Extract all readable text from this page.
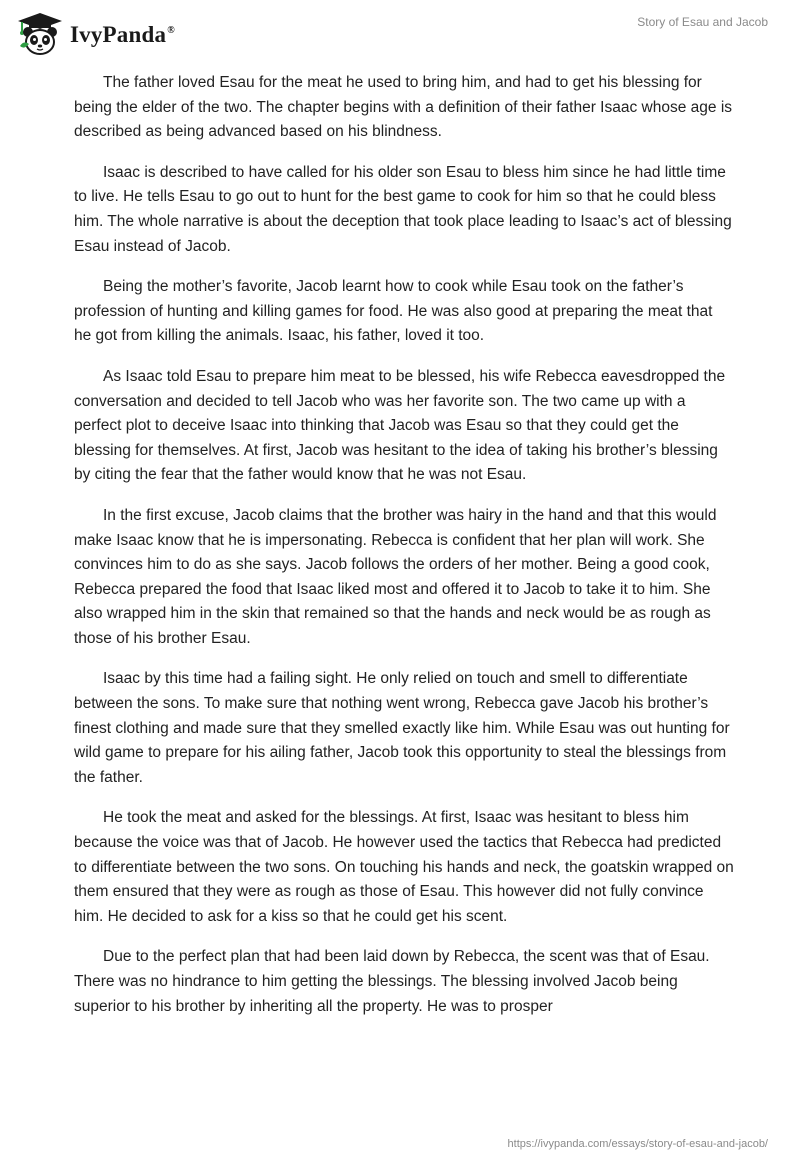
IvyPanda®
Story of Esau and Jacob

The father loved Esau for the meat he used to bring him, and had to get his blessing for being the elder of the two. The chapter begins with a definition of their father Isaac whose age is described as being advanced based on his blindness.

Isaac is described to have called for his older son Esau to bless him since he had little time to live. He tells Esau to go out to hunt for the best game to cook for him so that he could bless him. The whole narrative is about the deception that took place leading to Isaac’s act of blessing Esau instead of Jacob.

Being the mother’s favorite, Jacob learnt how to cook while Esau took on the father’s profession of hunting and killing games for food. He was also good at preparing the meat that he got from killing the animals. Isaac, his father, loved it too.

As Isaac told Esau to prepare him meat to be blessed, his wife Rebecca eavesdropped the conversation and decided to tell Jacob who was her favorite son. The two came up with a perfect plot to deceive Isaac into thinking that Jacob was Esau so that they could get the blessing for themselves. At first, Jacob was hesitant to the idea of taking his brother’s blessing by citing the fear that the father would know that he was not Esau.

In the first excuse, Jacob claims that the brother was hairy in the hand and that this would make Isaac know that he is impersonating. Rebecca is confident that her plan will work. She convinces him to do as she says. Jacob follows the orders of her mother. Being a good cook, Rebecca prepared the food that Isaac liked most and offered it to Jacob to take it to him. She also wrapped him in the skin that remained so that the hands and neck would be as rough as those of his brother Esau.

Isaac by this time had a failing sight. He only relied on touch and smell to differentiate between the sons. To make sure that nothing went wrong, Rebecca gave Jacob his brother’s finest clothing and made sure that they smelled exactly like him. While Esau was out hunting for wild game to prepare for his ailing father, Jacob took this opportunity to steal the blessings from the father.

He took the meat and asked for the blessings. At first, Isaac was hesitant to bless him because the voice was that of Jacob. He however used the tactics that Rebecca had predicted to differentiate between the two sons. On touching his hands and neck, the goatskin wrapped on them ensured that they were as rough as those of Esau. This however did not fully convince him. He decided to ask for a kiss so that he could get his scent.

Due to the perfect plan that had been laid down by Rebecca, the scent was that of Esau. There was no hindrance to him getting the blessings. The blessing involved Jacob being superior to his brother by inheriting all the property. He was to prosper

https://ivypanda.com/essays/story-of-esau-and-jacob/
